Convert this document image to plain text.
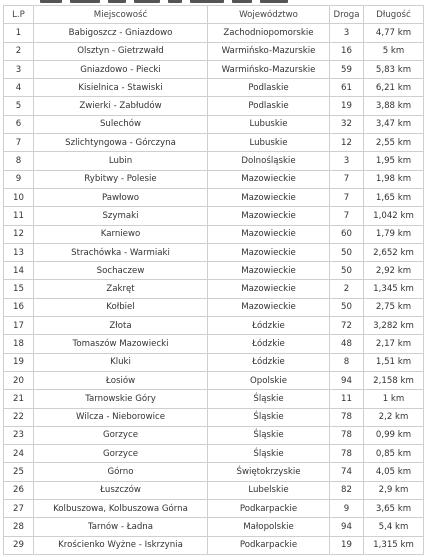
L.P	Miejscowość	Województwo	Droga	Długość
1	Babigoszcz - Gniazdowo	Zachodniopomorskie	3	4,77 km
2	Olsztyn - Gietrzwałd	Warmińsko-Mazurskie	16	5 km
3	Gniazdowo - Piecki	Warmińsko-Mazurskie	59	5,83 km
4	Kisielnica - Stawiski	Podlaskie	61	6,21 km
5	Zwierki - Zabłudów	Podlaskie	19	3,88 km
6	Sulechów	Lubuskie	32	3,47 km
7	Szlichtyngowa - Górczyna	Lubuskie	12	2,55 km
8	Lubin	Dolnośląskie	3	1,95 km
9	Rybitwy - Polesie	Mazowieckie	7	1,98 km
10	Pawłowo	Mazowieckie	7	1,65 km
11	Szymaki	Mazowieckie	7	1,042 km
12	Karniewo	Mazowieckie	60	1,79 km
13	Strachówka - Warmiaki	Mazowieckie	50	2,652 km
14	Sochaczew	Mazowieckie	50	2,92 km
15	Zakręt	Mazowieckie	2	1,345 km
16	Kołbiel	Mazowieckie	50	2,75 km
17	Złota	Łódzkie	72	3,282 km
18	Tomaszów Mazowiecki	Łódzkie	48	2,17 km
19	Kluki	Łódzkie	8	1,51 km
20	Łosiów	Opolskie	94	2,158 km
21	Tarnowskie Góry	Śląskie	11	1 km
22	Wilcza - Nieborowice	Śląskie	78	2,2 km
23	Gorzyce	Śląskie	78	0,99 km
24	Gorzyce	Śląskie	78	0,85 km
25	Górno	Świętokrzyskie	74	4,05 km
26	Łuszczów	Lubelskie	82	2,9 km
27	Kolbuszowa, Kolbuszowa Górna	Podkarpackie	9	3,65 km
28	Tarnów - Ładna	Małopolskie	94	5,4 km
29	Krościenko Wyżne - Iskrzynia	Podkarpackie	19	1,315 km
